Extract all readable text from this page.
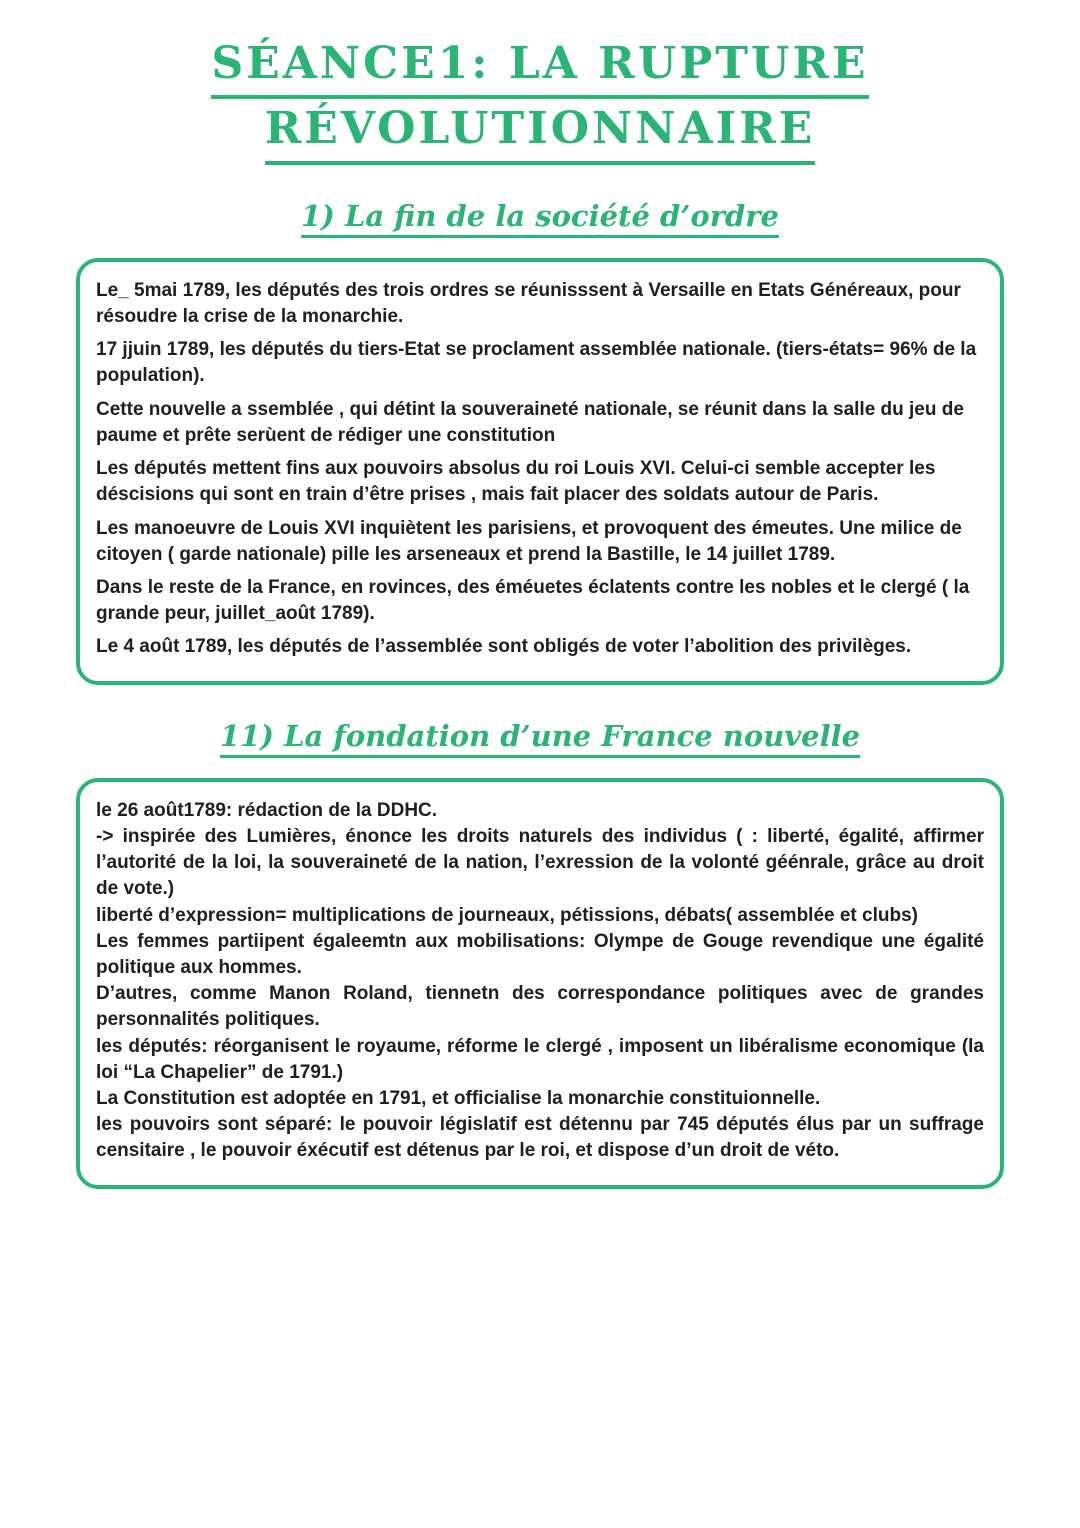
SÉANCE1: LA RUPTURE
RÉVOLUTIONNAIRE
1) La fin de la société d’ordre

Le_ 5mai 1789, les députés des trois ordres se réunisssent à Versaille en Etats Généreaux, pour résoudre la crise de la monarchie.

17 jjuin 1789, les députés du tiers-Etat se proclament assemblée nationale. (tiers-états= 96% de la population).

Cette nouvelle a ssemblée , qui détint la souveraineté nationale, se réunit dans la salle du jeu de paume et prête serùent de rédiger une constitution

Les députés mettent fins aux pouvoirs absolus du roi Louis XVI. Celui-ci semble accepter les déscisions qui sont en train d’être prises , mais fait placer des soldats autour de Paris.

Les manoeuvre de Louis XVI inquiètent les parisiens, et provoquent des émeutes. Une milice de citoyen ( garde nationale) pille les arseneaux et prend la Bastille, le 14 juillet 1789.

Dans le reste de la France, en rovinces, des éméuetes éclatents contre les nobles et le clergé ( la grande peur, juillet_août 1789).

Le 4 août 1789, les députés de l’assemblée sont obligés de voter l’abolition des privilèges.

11) La fondation d’une France nouvelle

le 26 août1789: rédaction de la DDHC.

-> inspirée des Lumières, énonce les droits naturels des individus ( : liberté, égalité, affirmer l’autorité de la loi, la souveraineté de la nation, l’exression de la volonté géénrale, grâce au droit de vote.)

liberté d’expression= multiplications de journeaux, pétissions, débats( assemblée et clubs)

Les femmes partiipent égaleemtn aux mobilisations: Olympe de Gouge revendique une égalité politique aux hommes.

D’autres, comme Manon Roland, tiennetn des correspondance politiques avec de grandes personnalités politiques.

les députés: réorganisent le royaume, réforme le clergé , imposent un libéralisme economique (la loi “La Chapelier” de 1791.)

La Constitution est adoptée en 1791, et officialise la monarchie constituionnelle.

les pouvoirs sont séparé: le pouvoir législatif est détennu par 745 députés élus par un suffrage censitaire , le pouvoir éxécutif est détenus par le roi, et dispose d’un droit de véto.
